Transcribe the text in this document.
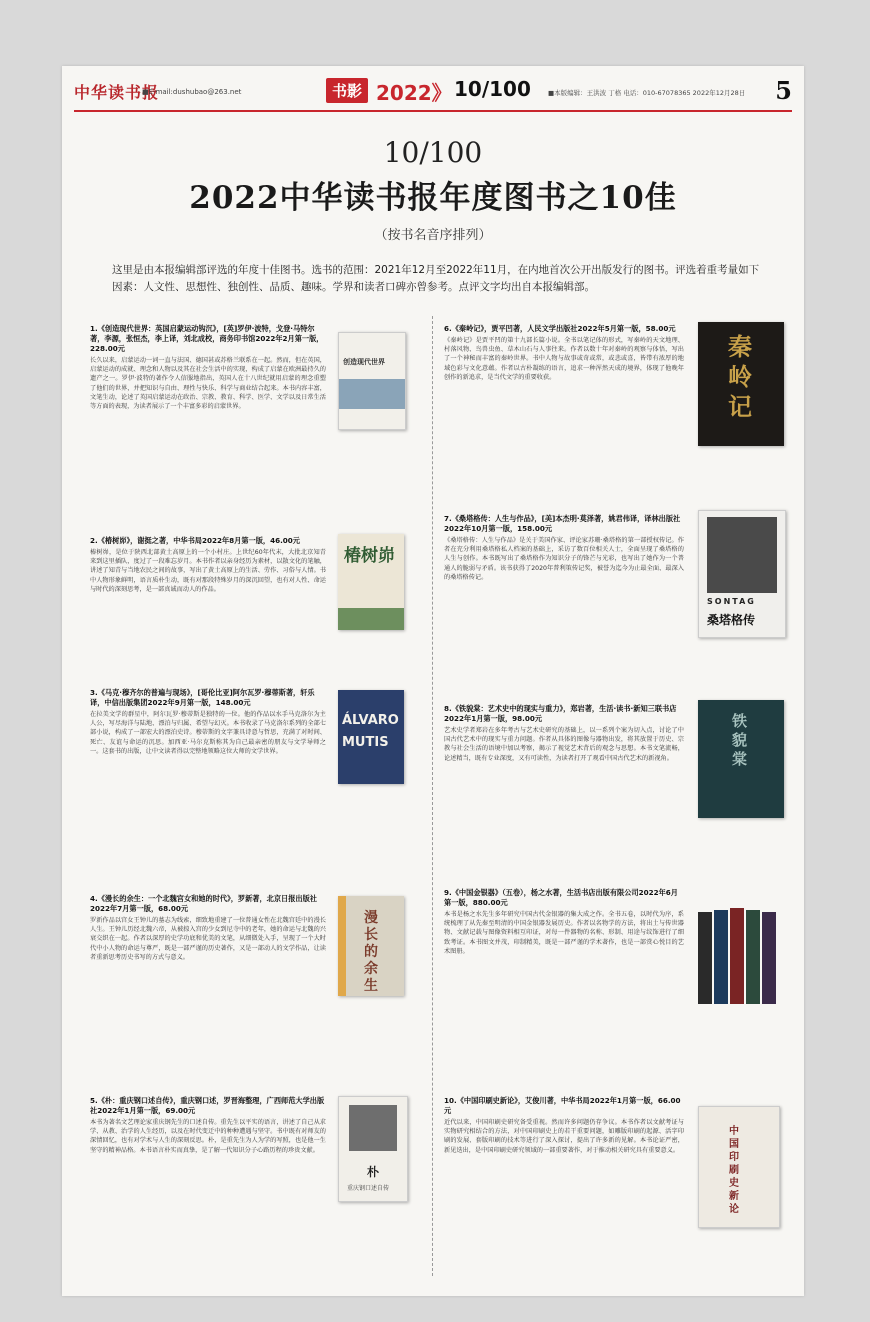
中华读书报
■E-mail:dushubao@263.net	书影 2022》 10/100	■本版编辑：王洪波 丁格 电话：010-67078365 2022年12月28日 5
10/100
2022中华读书报年度图书之10佳
（按书名音序排列）
这里是由本报编辑部评选的年度十佳图书。选书的范围：2021年12月至2022年11月，在内地首次公开出版发行的图书。评选着重考量如下因素：人文性、思想性、独创性、品质、趣味。学界和读者口碑亦曾参考。点评文字均出自本报编辑部。
1.《创造现代世界：英国启蒙运动钩沉》，[英]罗伊·波特，戈登·马特尔著，李源，张恒杰，李上译，刘北成校，商务印书馆2022年2月第一版，228.00元
长久以来，启蒙运动一词一直与法国、德国甚或苏格兰联系在一起。然而，但在英国，启蒙运动的成就、理念和人物以及其在社会生活中的实现，构成了启蒙在欧洲最持久的遗产之一。罗伊·波特的著作令人信服地指出，英国人在十八世纪就用启蒙的理念重塑了他们的世界，并把知识与自由、理性与快乐、科学与商业结合起来。本书内容丰富，文笔生动，论述了英国启蒙运动在政治、宗教、教育、科学、医学、文学以及日常生活等方面的表现，为读者展示了一个丰富多彩的启蒙世界。
创造现代世界
2.《椿树峁》，谢挺之著，中华书局2022年8月第一版，46.00元
椿树峁，是位于陕西北部黄土高原上的一个小村庄。上世纪60年代末，大批北京知青来到这里插队，度过了一段难忘岁月。本书作者以亲身经历为素材，以散文化的笔触，讲述了知青与当地农民之间的故事，写出了黄土高原上的生活、劳作、习俗与人情。书中人物形象鲜明，语言质朴生动，既有对那段特殊岁月的深沉回望，也有对人性、命运与时代的深刻思考，是一部真诚而动人的作品。
椿树峁
3.《马克·穆齐尔的普遍与现场》，[哥伦比亚]阿尔瓦罗·穆蒂斯著，轩乐译，中信出版集团2022年9月第一版，148.00元
在拉美文学的群星中，阿尔瓦罗·穆蒂斯是独特的一位。他的作品以水手马克洛尔为主人公，写尽海洋与陆地、漂泊与归属、希望与幻灭。本书收录了马克洛尔系列的全部七部小说，构成了一部宏大的漂泊史诗。穆蒂斯的文字兼具诗意与哲思，充满了对时间、死亡、友谊与命运的沉思。加西亚·马尔克斯称其为自己最亲密的朋友与文学导师之一。这套书的出版，让中文读者得以完整地领略这位大师的文学世界。
ÁLVARO MUTIS
4.《漫长的余生：一个北魏宫女和她的时代》，罗新著，北京日报出版社2022年7月第一版，68.00元
罗新作品以宫女王钟儿的墓志为线索，细致地重建了一位普通女性在北魏宫廷中的漫长人生。王钟儿历经北魏六帝，从被掠入宫的少女到尼寺中的老年，她的命运与北魏的兴衰交织在一起。作者以深厚的史学功底和优美的文笔，从细微处入手，呈现了一个大时代中小人物的命运与尊严，既是一部严谨的历史著作，又是一部动人的文学作品，让读者重新思考历史书写的方式与意义。
漫长的余生
5.《朴：重庆钢口述自传》，重庆钢口述，罗晋海整理，广西师范大学出版社2022年1月第一版，69.00元
本书为著名文艺理论家重庆钢先生的口述自传。重先生以平实的语言，讲述了自己从求学、从教、治学的人生经历，以及在时代变迁中的种种遭遇与坚守。书中既有对师友的深情回忆，也有对学术与人生的深刻反思。朴，是重先生为人为学的写照，也是他一生坚守的精神品格。本书语言朴实而真挚，是了解一代知识分子心路历程的珍贵文献。
朴
重庆钢口述自传
6.《秦岭记》，贾平凹著，人民文学出版社2022年5月第一版，58.00元
《秦岭记》是贾平凹的第十九部长篇小说。全书以笔记体的形式，写秦岭的天文地理、村落风物、鸟兽虫鱼、草木山石与人事往来。作者以数十年对秦岭的观察与体悟，写出了一个神秘而丰富的秦岭世界。书中人物与故事或奇或常，或悲或喜，皆带有浓厚的地域色彩与文化意蕴。作者以古朴凝练的语言，追求一种浑然天成的境界，体现了他晚年创作的新追求，是当代文学的重要收获。
秦岭记
7.《桑塔格传：人生与作品》，[美]本杰明·莫泽著，姚君伟译，译林出版社2022年10月第一版，158.00元
《桑塔格传：人生与作品》是关于美国作家、评论家苏珊·桑塔格的第一部授权传记。作者在充分利用桑塔格私人档案的基础上，采访了数百位相关人士，全面呈现了桑塔格的人生与创作。本书既写出了桑塔格作为知识分子的锋芒与光彩，也写出了她作为一个普通人的脆弱与矛盾。该书获得了2020年普利策传记奖，被誉为迄今为止最全面、最深入的桑塔格传记。
SONTAG
桑塔格传
8.《铁貌棠：艺术史中的现实与重力》，郑岩著，生活·读书·新知三联书店2022年1月第一版，98.00元
艺术史学者郑岩在多年考古与艺术史研究的基础上，以一系列个案为切入点，讨论了中国古代艺术中的现实与重力问题。作者从具体的图像与器物出发，将其放置于历史、宗教与社会生活的语境中加以考察，揭示了视觉艺术背后的观念与思想。本书文笔流畅，论述精当，既有专业深度，又有可读性，为读者打开了观看中国古代艺术的新视角。
铁貌棠
9.《中国金银器》（五卷），杨之水著，生活书店出版有限公司2022年6月第一版，880.00元
本书是杨之水先生多年研究中国古代金银器的集大成之作。全书五卷，以时代为序，系统梳理了从先秦至明清的中国金银器发展历史。作者以名物学的方法，将出土与传世器物、文献记载与图像资料相互印证，对每一件器物的名称、形制、用途与纹饰进行了细致考证。本书图文并茂，印制精美，既是一部严谨的学术著作，也是一部赏心悦目的艺术图册。
10.《中国印刷史新论》，艾俊川著，中华书局2022年1月第一版，66.00元
近代以来，中国印刷史研究备受重视。然而许多问题仍存争议。本书作者以文献考证与实物研究相结合的方法，对中国印刷史上的若干重要问题，如雕版印刷的起源、活字印刷的发展、套版印刷的技术等进行了深入探讨，提出了许多新的见解。本书论证严密，新见迭出，是中国印刷史研究领域的一部重要著作，对于推动相关研究具有重要意义。
中国印刷史新论
